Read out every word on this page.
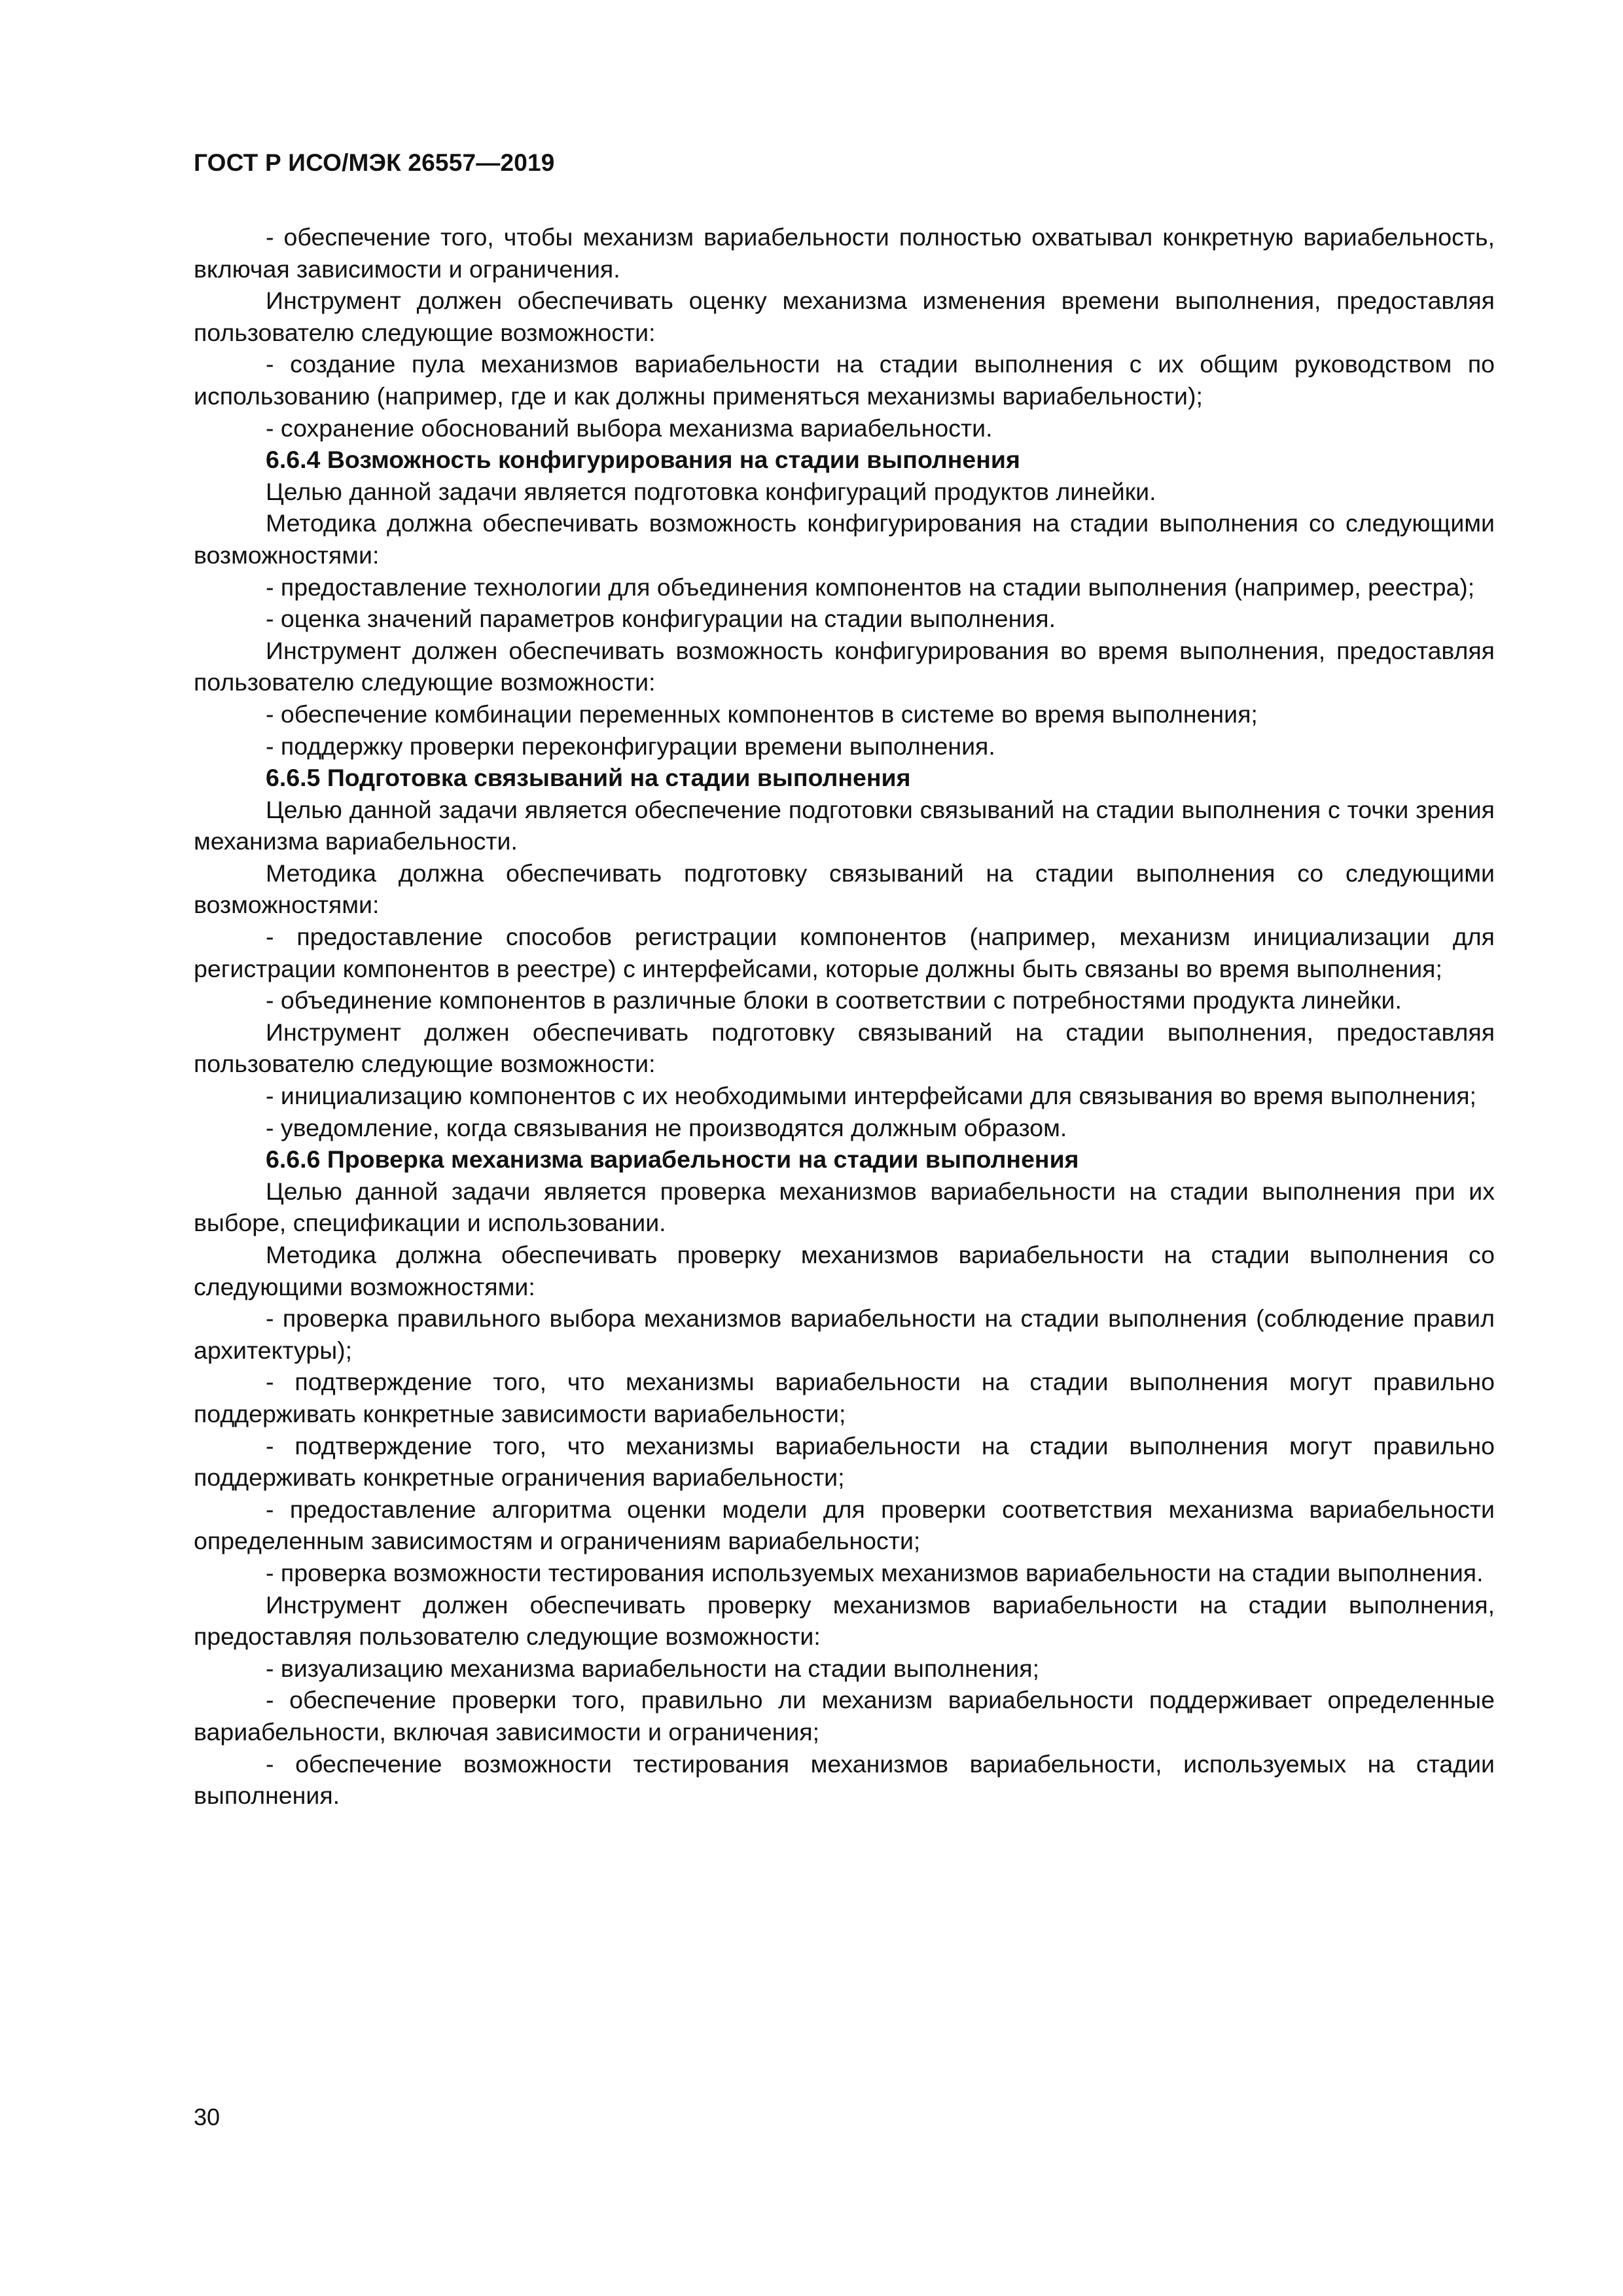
ГОСТ Р ИСО/МЭК 26557—2019

- обеспечение того, чтобы механизм вариабельности полностью охватывал конкретную вариабельность, включая зависимости и ограничения.

Инструмент должен обеспечивать оценку механизма изменения времени выполнения, предоставляя пользователю следующие возможности:

- создание пула механизмов вариабельности на стадии выполнения с их общим руководством по использованию (например, где и как должны применяться механизмы вариабельности);

- сохранение обоснований выбора механизма вариабельности.

6.6.4 Возможность конфигурирования на стадии выполнения

Целью данной задачи является подготовка конфигураций продуктов линейки.

Методика должна обеспечивать возможность конфигурирования на стадии выполнения со следующими возможностями:

- предоставление технологии для объединения компонентов на стадии выполнения (например, реестра);

- оценка значений параметров конфигурации на стадии выполнения.

Инструмент должен обеспечивать возможность конфигурирования во время выполнения, предоставляя пользователю следующие возможности:

- обеспечение комбинации переменных компонентов в системе во время выполнения;

- поддержку проверки переконфигурации времени выполнения.

6.6.5 Подготовка связываний на стадии выполнения

Целью данной задачи является обеспечение подготовки связываний на стадии выполнения с точки зрения механизма вариабельности.

Методика должна обеспечивать подготовку связываний на стадии выполнения со следующими возможностями:

- предоставление способов регистрации компонентов (например, механизм инициализации для регистрации компонентов в реестре) с интерфейсами, которые должны быть связаны во время выполнения;

- объединение компонентов в различные блоки в соответствии с потребностями продукта линейки.

Инструмент должен обеспечивать подготовку связываний на стадии выполнения, предоставляя пользователю следующие возможности:

- инициализацию компонентов с их необходимыми интерфейсами для связывания во время выполнения;

- уведомление, когда связывания не производятся должным образом.

6.6.6 Проверка механизма вариабельности на стадии выполнения

Целью данной задачи является проверка механизмов вариабельности на стадии выполнения при их выборе, спецификации и использовании.

Методика должна обеспечивать проверку механизмов вариабельности на стадии выполнения со следующими возможностями:

- проверка правильного выбора механизмов вариабельности на стадии выполнения (соблюдение правил архитектуры);

- подтверждение того, что механизмы вариабельности на стадии выполнения могут правильно поддерживать конкретные зависимости вариабельности;

- подтверждение того, что механизмы вариабельности на стадии выполнения могут правильно поддерживать конкретные ограничения вариабельности;

- предоставление алгоритма оценки модели для проверки соответствия механизма вариабельности определенным зависимостям и ограничениям вариабельности;

- проверка возможности тестирования используемых механизмов вариабельности на стадии выполнения.

Инструмент должен обеспечивать проверку механизмов вариабельности на стадии выполнения, предоставляя пользователю следующие возможности:

- визуализацию механизма вариабельности на стадии выполнения;

- обеспечение проверки того, правильно ли механизм вариабельности поддерживает определенные вариабельности, включая зависимости и ограничения;

- обеспечение возможности тестирования механизмов вариабельности, используемых на стадии выполнения.

30
